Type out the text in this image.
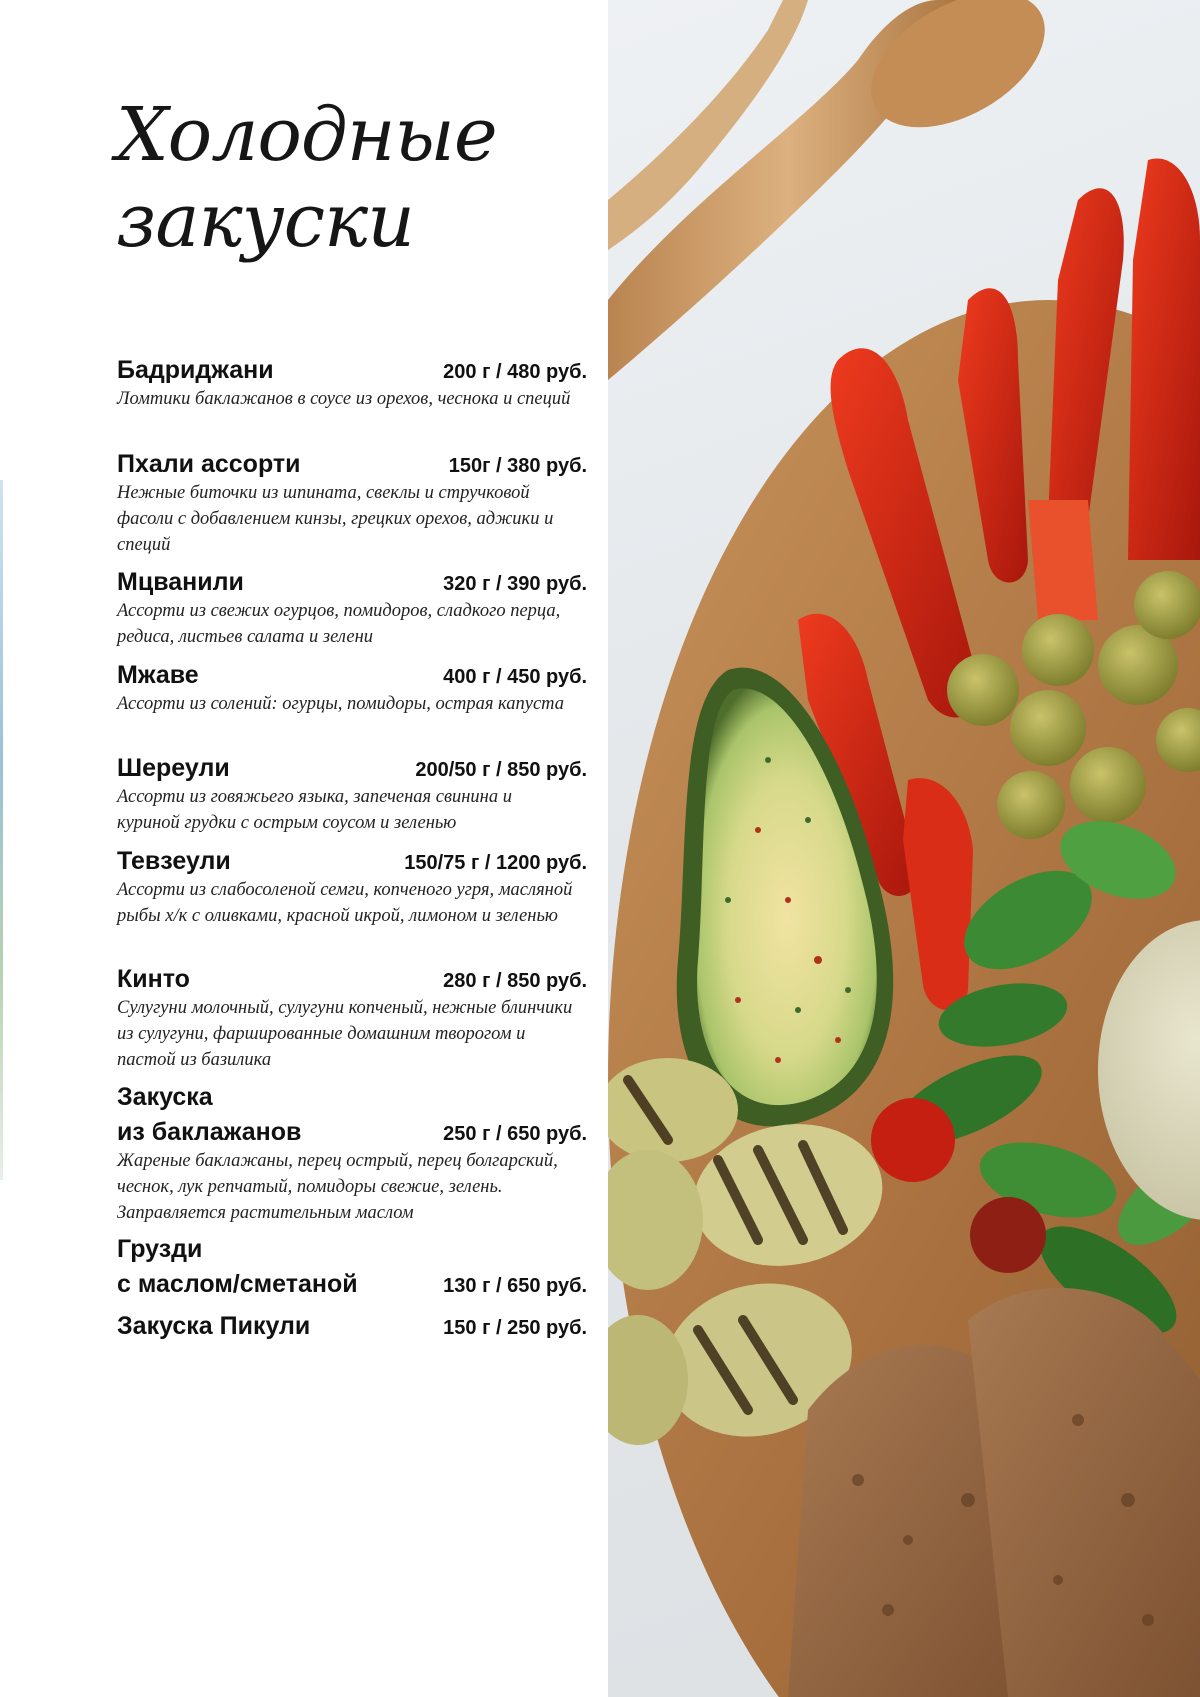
Холодные
закуски
Бадриджани	200 г / 480 руб.
Ломтики баклажанов в соусе из орехов, чеснока и специй
Пхали ассорти	150г / 380 руб.
Нежные биточки из шпината, свеклы и стручковой фасоли с добавлением кинзы, грецких орехов, аджики и специй
Мцванили	320 г / 390 руб.
Ассорти из свежих огурцов, помидоров, сладкого перца, редиса, листьев салата и зелени
Мжаве	400 г / 450 руб.
Ассорти из солений: огурцы, помидоры, острая капуста
Шереули	200/50 г / 850 руб.
Ассорти из говяжьего языка, запеченая свинина и куриной грудки с острым соусом и зеленью
Тевзеули	150/75 г / 1200 руб.
Ассорти из слабосоленой семги, копченого угря, масляной рыбы х/к с оливками, красной икрой, лимоном и зеленью
Кинто	280 г / 850 руб.
Сулугуни молочный, сулугуни копченый, нежные блинчики из сулугуни, фаршированные домашним творогом и пастой из базилика
Закуска
из баклажанов	250 г / 650 руб.
Жареные баклажаны, перец острый, перец болгарский, чеснок, лук репчатый, помидоры свежие, зелень. Заправляется растительным маслом
Грузди
с маслом/сметаной	130 г / 650 руб.
Закуска Пикули	150 г / 250 руб.
